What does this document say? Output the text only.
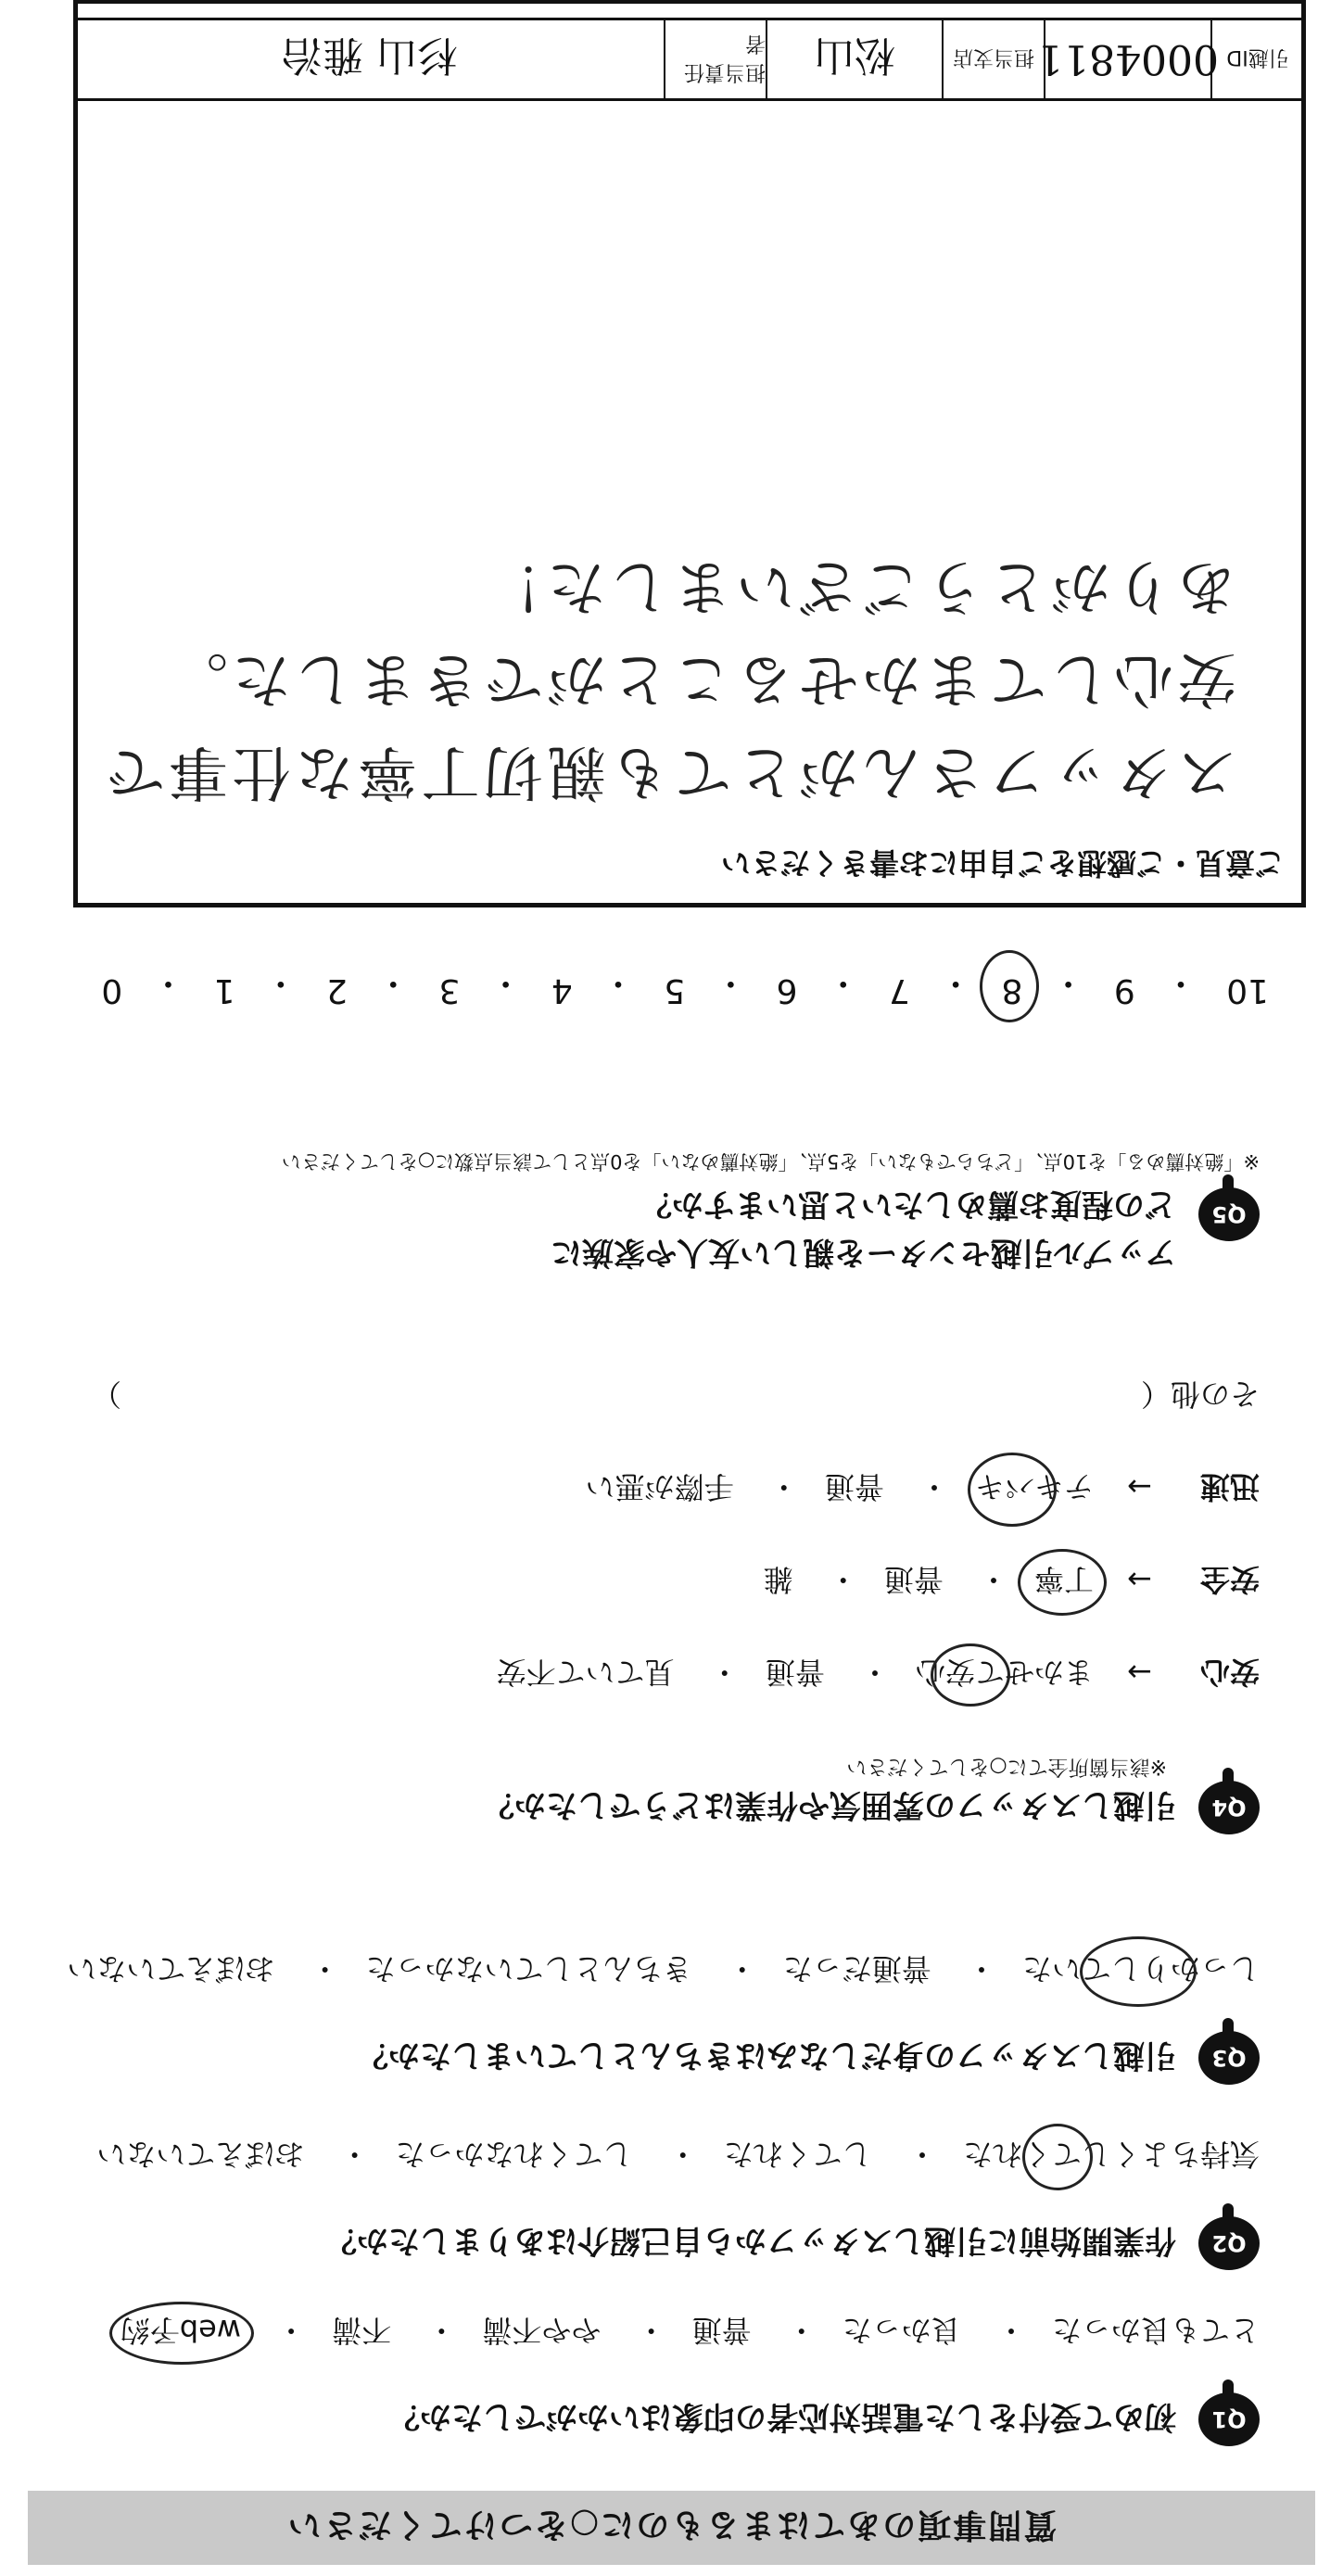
質問事項のあてはまるものに○をつけてください
Q1
初めて受付をした電話対応者の印象はいかがでしたか？
とても良かった・ 良かった・ 普通・ やや不満・ 不満・ web予約
Q2
作業開始前に引越しスタッフから自己紹介はありましたか？
気持ちよくしてくれた
・ してくれた・ してくれなかった・ おぼえていない
Q3
引越しスタッフの身だしなみはきちんとしていましたか？
しっかりしていた
・ 普通だった・ きちんとしていなかった・ おぼえていない
Q4
引越しスタッフの雰囲気や作業はどうでしたか？
※該当箇所全てに○をしてください
安心→ まかせて安心
・ 普通・ 見ていて不安
安全→ 丁寧
・ 普通・ 雑
迅速→ テキパキ
・ 普通・ 手際が悪い
その他（
）
Q5
アップル引越センターを親しい友人や家族に
どの程度お薦めしたいと思いますか？
※「絶対薦める」を10点、「どちらでもない」を5点、「絶対薦めない」を0点として該当点数に○をしてください
10
・
9
・
8
・
7
・
6
・
5
・
4
・
3
・
2
・
1
・
0
ご意見・ご感想をご自由にお書きください
スタッフさんがとても親切丁寧な仕事で
安心してまかせることができました。
ありがとうございました！
引越ID
0004811
担当支店
松山
担当責任者
杉山 雅治
